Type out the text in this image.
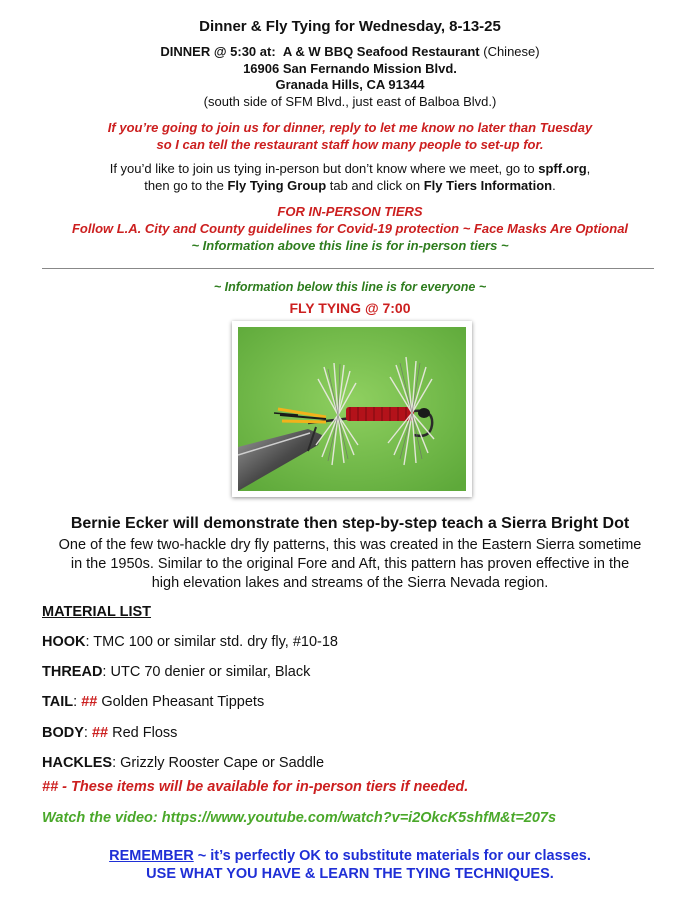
Dinner & Fly Tying for Wednesday, 8-13-25
DINNER @ 5:30 at: A & W BBQ Seafood Restaurant (Chinese)
16906 San Fernando Mission Blvd.
Granada Hills, CA 91344
(south side of SFM Blvd., just east of Balboa Blvd.)
If you’re going to join us for dinner, reply to let me know no later than Tuesday
so I can tell the restaurant staff how many people to set-up for.
If you’d like to join us tying in-person but don’t know where we meet, go to spff.org,
then go to the Fly Tying Group tab and click on Fly Tiers Information.
FOR IN-PERSON TIERS
Follow L.A. City and County guidelines for Covid-19 protection ~ Face Masks Are Optional
~ Information above this line is for in-person tiers ~
~ Information below this line is for everyone ~
FLY TYING @ 7:00
Bernie Ecker will demonstrate then step-by-step teach a Sierra Bright Dot
One of the few two-hackle dry fly patterns, this was created in the Eastern Sierra sometime in the 1950s. Similar to the original Fore and Aft, this pattern has proven effective in the high elevation lakes and streams of the Sierra Nevada region.
MATERIAL LIST
HOOK: TMC 100 or similar std. dry fly, #10-18
THREAD: UTC 70 denier or similar, Black
TAIL: ## Golden Pheasant Tippets
BODY: ## Red Floss
HACKLES: Grizzly Rooster Cape or Saddle
## - These items will be available for in-person tiers if needed.
Watch the video: https://www.youtube.com/watch?v=i2OkcK5shfM&t=207s
REMEMBER ~ it’s perfectly OK to substitute materials for our classes.
USE WHAT YOU HAVE & LEARN THE TYING TECHNIQUES.
